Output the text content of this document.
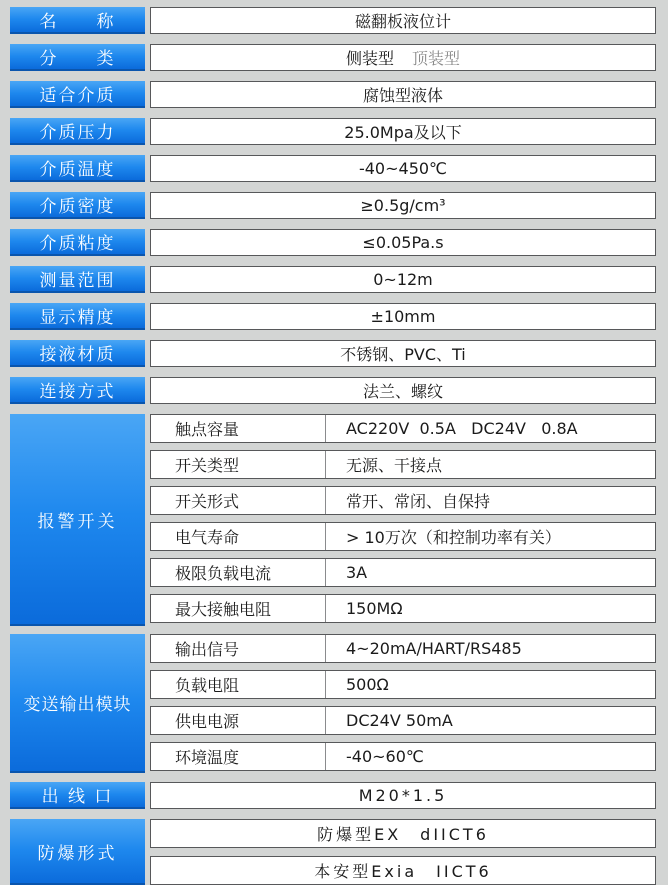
名　　称	磁翻板液位计
分　　类	侧装型 顶装型
适合介质	腐蚀型液体
介质压力	25.0Mpa及以下
介质温度	-40~450℃
介质密度	≥0.5g/cm³
介质粘度	≤0.05Pa.s
测量范围	0~12m
显示精度	±10mm
接液材质	不锈钢、PVC、Ti
连接方式	法兰、螺纹
报警开关
触点容量	AC220V  0.5A   DC24V   0.8A
开关类型	无源、干接点
开关形式	常开、常闭、自保持
电气寿命	> 10万次（和控制功率有关）
极限负载电流	3A
最大接触电阻	150MΩ
变送输出模块
输出信号	4~20mA/HART/RS485
负载电阻	500Ω
供电电源	DC24V 50mA
环境温度	-40~60℃
出 线 口	M20*1.5
防爆形式
防爆型EX　dIICT6
本安型Exia　IICT6
